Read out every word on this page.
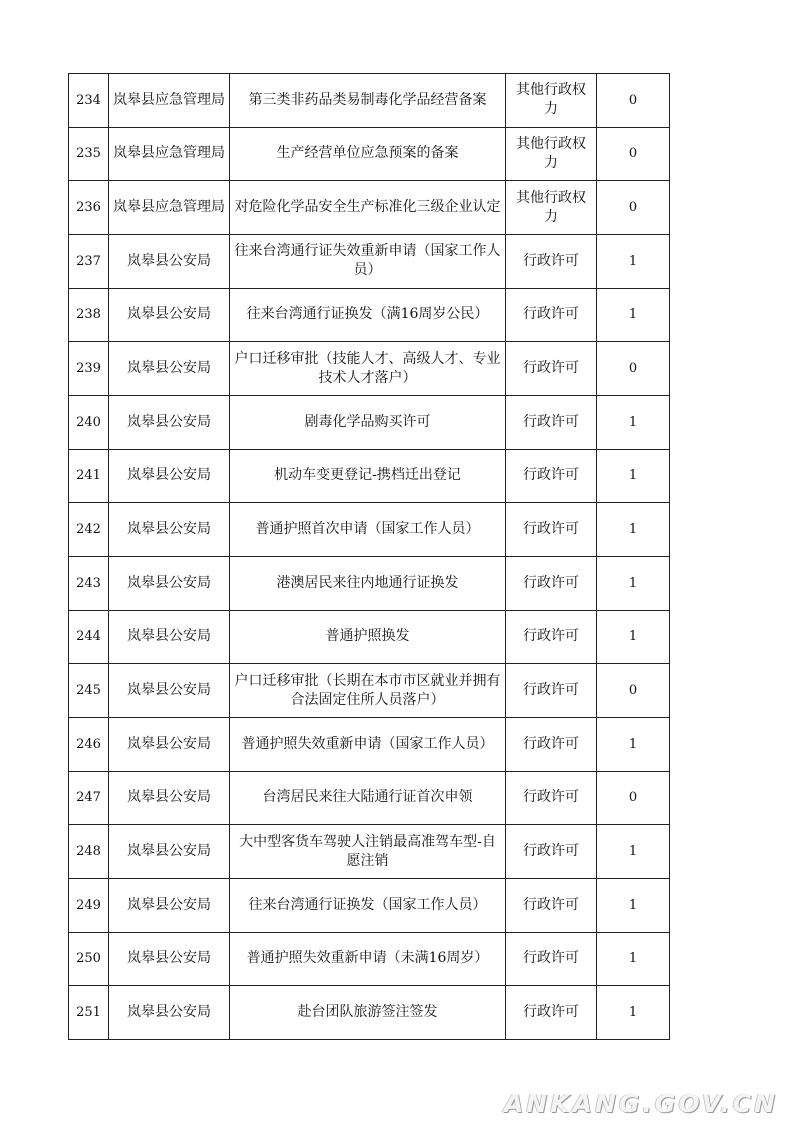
234	岚皋县应急管理局	第三类非药品类易制毒化学品经营备案	其他行政权力	0
235	岚皋县应急管理局	生产经营单位应急预案的备案	其他行政权力	0
236	岚皋县应急管理局	对危险化学品安全生产标准化三级企业认定	其他行政权力	0
237	岚皋县公安局	往来台湾通行证失效重新申请（国家工作人员）	行政许可	1
238	岚皋县公安局	往来台湾通行证换发（满16周岁公民）	行政许可	1
239	岚皋县公安局	户口迁移审批（技能人才、高级人才、专业技术人才落户）	行政许可	0
240	岚皋县公安局	剧毒化学品购买许可	行政许可	1
241	岚皋县公安局	机动车变更登记-携档迁出登记	行政许可	1
242	岚皋县公安局	普通护照首次申请（国家工作人员）	行政许可	1
243	岚皋县公安局	港澳居民来往内地通行证换发	行政许可	1
244	岚皋县公安局	普通护照换发	行政许可	1
245	岚皋县公安局	户口迁移审批（长期在本市市区就业并拥有合法固定住所人员落户）	行政许可	0
246	岚皋县公安局	普通护照失效重新申请（国家工作人员）	行政许可	1
247	岚皋县公安局	台湾居民来往大陆通行证首次申领	行政许可	0
248	岚皋县公安局	大中型客货车驾驶人注销最高准驾车型-自愿注销	行政许可	1
249	岚皋县公安局	往来台湾通行证换发（国家工作人员）	行政许可	1
250	岚皋县公安局	普通护照失效重新申请（未满16周岁）	行政许可	1
251	岚皋县公安局	赴台团队旅游签注签发	行政许可	1
ANKANG.GOV.CN
